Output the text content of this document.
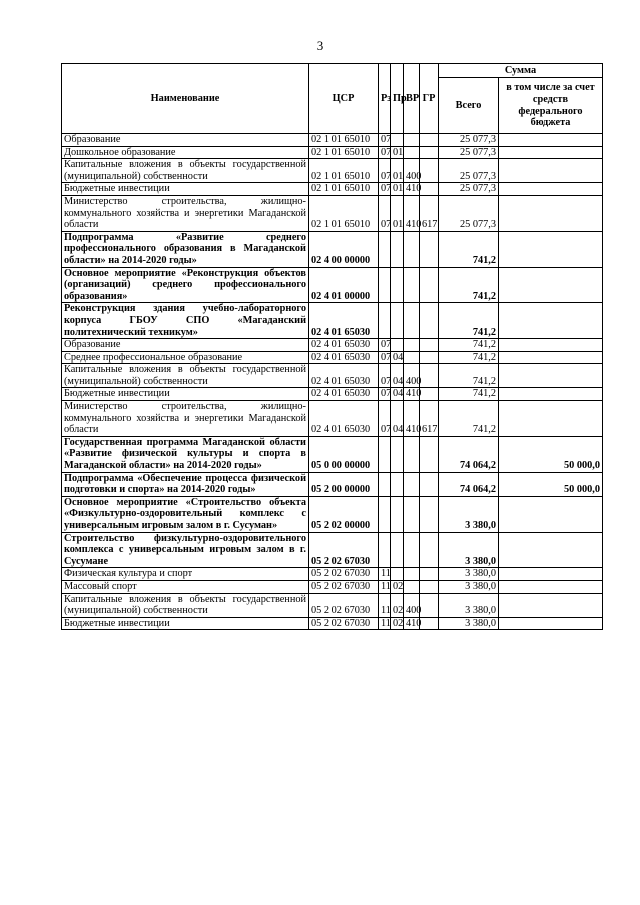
3
Наименование	ЦСР	Рз	Пр	ВР	ГР	Сумма	
						Всего	в том числе за счет средств федерального бюджета
Образование	02 1 01 65010	07				25 077,3	
Дошкольное образование	02 1 01 65010	07	01			25 077,3	
Капитальные вложения в объекты государственной (муниципальной) собственности	02 1 01 65010	07	01	400		25 077,3	
Бюджетные инвестиции	02 1 01 65010	07	01	410		25 077,3	
Министерство строительства, жилищно-коммунального хозяйства и энергетики Магаданской области	02 1 01 65010	07	01	410	617	25 077,3	
Подпрограмма «Развитие среднего профессионального образования в Магаданской области» на 2014-2020 годы»	02 4 00 00000					741,2	
Основное мероприятие «Реконструкция объектов (организаций) среднего профессионального образования»	02 4 01 00000					741,2	
Реконструкция здания учебно-лабораторного корпуса ГБОУ СПО «Магаданский политехнический техникум»	02 4 01 65030					741,2	
Образование	02 4 01 65030	07				741,2	
Среднее профессиональное образование	02 4 01 65030	07	04			741,2	
Капитальные вложения в объекты государственной (муниципальной) собственности	02 4 01 65030	07	04	400		741,2	
Бюджетные инвестиции	02 4 01 65030	07	04	410		741,2	
Министерство строительства, жилищно-коммунального хозяйства и энергетики Магаданской области	02 4 01 65030	07	04	410	617	741,2	
Государственная программа Магаданской области «Развитие физической культуры и спорта в Магаданской области» на 2014-2020 годы»	05 0 00 00000					74 064,2	50 000,0
Подпрограмма «Обеспечение процесса физической подготовки и спорта» на 2014-2020 годы»	05 2 00 00000					74 064,2	50 000,0
Основное мероприятие «Строительство объекта «Физкультурно-оздоровительный комплекс с универсальным игровым залом в г. Сусуман»	05 2 02 00000					3 380,0	
Строительство физкультурно-оздоровительного комплекса с универсальным игровым залом в г. Сусумане	05 2 02 67030					3 380,0	
Физическая культура и спорт	05 2 02 67030	11				3 380,0	
Массовый спорт	05 2 02 67030	11	02			3 380,0	
Капитальные вложения в объекты государственной (муниципальной) собственности	05 2 02 67030	11	02	400		3 380,0	
Бюджетные инвестиции	05 2 02 67030	11	02	410		3 380,0	
